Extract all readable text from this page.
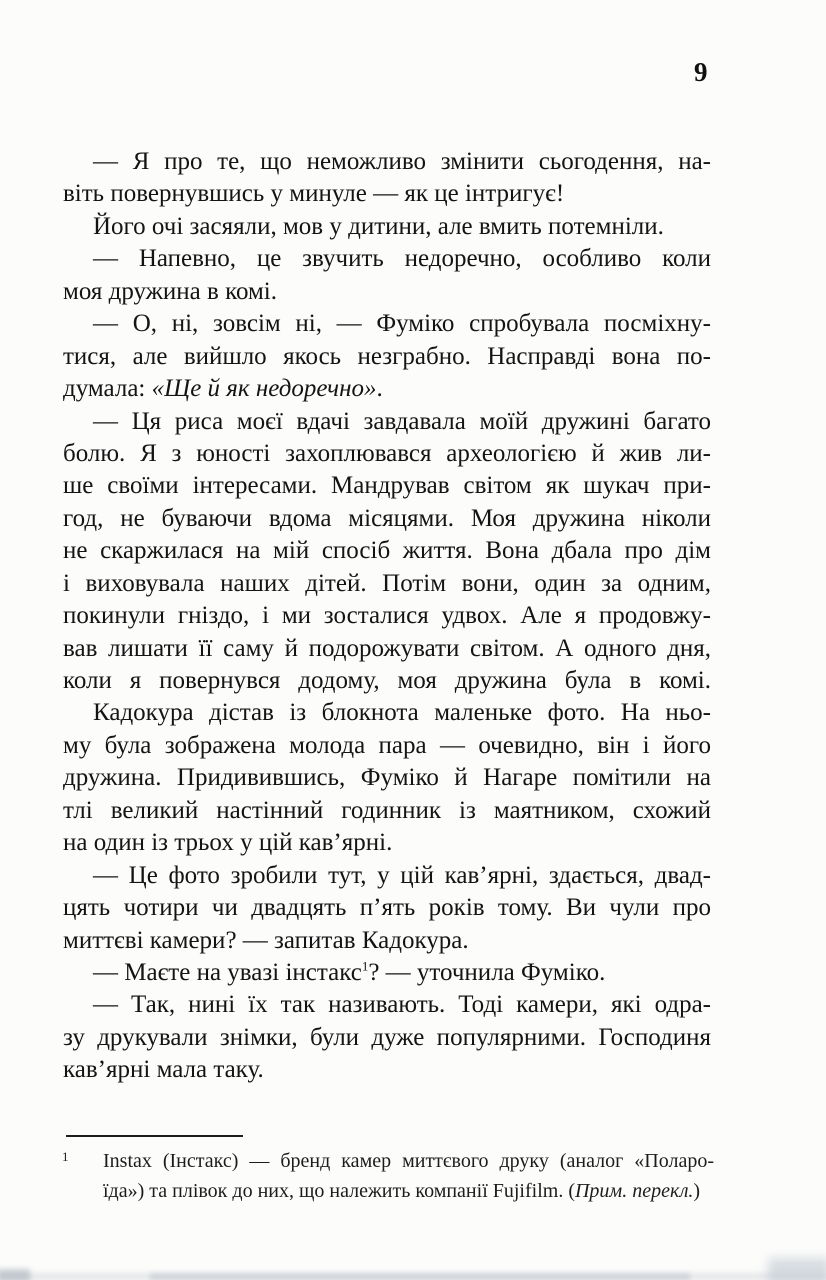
9
— Я про те, що неможливо змінити сьогодення, на-
віть повернувшись у минуле — як це інтригує!
Його очі засяяли, мов у дитини, але вмить потемніли.
— Напевно, це звучить недоречно, особливо коли
моя дружина в комі.
— О, ні, зовсім ні, — Фуміко спробувала посміхну-
тися, але вийшло якось незграбно. Насправді вона по-
думала: «Ще й як недоречно».
— Ця риса моєї вдачі завдавала моїй дружині багато
болю. Я з юності захоплювався археологією й жив ли-
ше своїми інтересами. Мандрував світом як шукач при-
год, не буваючи вдома місяцями. Моя дружина ніколи
не скаржилася на мій спосіб життя. Вона дбала про дім
і виховувала наших дітей. Потім вони, один за одним,
покинули гніздо, і ми зосталися удвох. Але я продовжу-
вав лишати її саму й подорожувати світом. А одного дня,
коли я повернувся додому, моя дружина була в комі.
Кадокура дістав із блокнота маленьке фото. На ньо-
му була зображена молода пара — очевидно, він і його
дружина. Придивившись, Фуміко й Нагаре помітили на
тлі великий настінний годинник із маятником, схожий
на один із трьох у цій кав’ярні.
— Це фото зробили тут, у цій кав’ярні, здається, двад-
цять чотири чи двадцять п’ять років тому. Ви чули про
миттєві камери? — запитав Кадокура.
— Маєте на увазі інстакс$^1$? — уточнила Фуміко.
— Так, нині їх так називають. Тоді камери, які одра-
зу друкували знімки, були дуже популярними. Господиня
кав’ярні мала таку.
1 Instax (Інстакс) — бренд камер миттєвого друку (аналог «Поларо-
їда») та плівок до них, що належить компанії Fujifilm. (Прим. перекл.)
